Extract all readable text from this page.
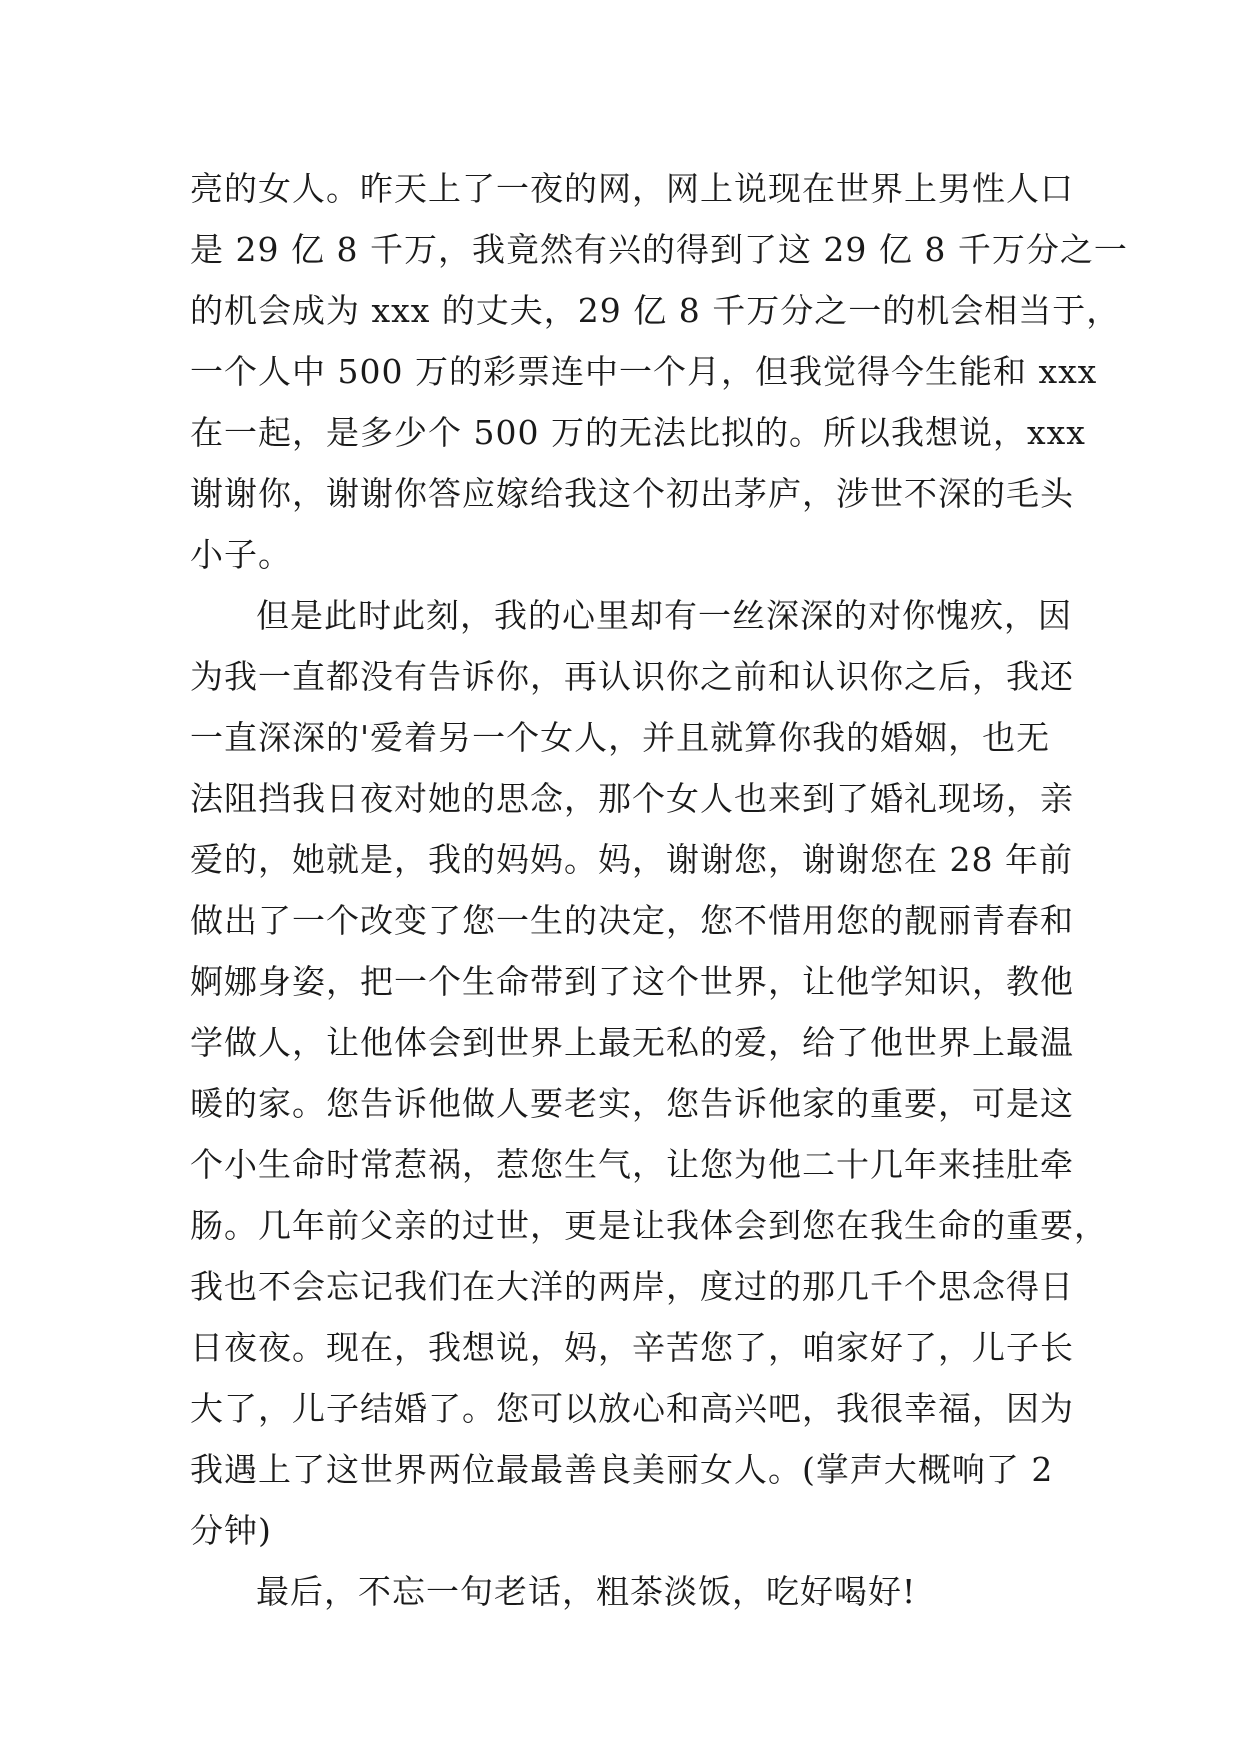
亮的女人。昨天上了一夜的网，网上说现在世界上男性人口
是 29 亿 8 千万，我竟然有兴的得到了这 29 亿 8 千万分之一
的机会成为 xxx 的丈夫，29 亿 8 千万分之一的机会相当于，
一个人中 500 万的彩票连中一个月，但我觉得今生能和 xxx
在一起，是多少个 500 万的无法比拟的。所以我想说，xxx
谢谢你，谢谢你答应嫁给我这个初出茅庐，涉世不深的毛头
小子。
但是此时此刻，我的心里却有一丝深深的对你愧疚，因
为我一直都没有告诉你，再认识你之前和认识你之后，我还
一直深深的'爱着另一个女人，并且就算你我的婚姻，也无
法阻挡我日夜对她的思念，那个女人也来到了婚礼现场，亲
爱的，她就是，我的妈妈。妈，谢谢您，谢谢您在 28 年前
做出了一个改变了您一生的决定，您不惜用您的靓丽青春和
婀娜身姿，把一个生命带到了这个世界，让他学知识，教他
学做人，让他体会到世界上最无私的爱，给了他世界上最温
暖的家。您告诉他做人要老实，您告诉他家的重要，可是这
个小生命时常惹祸，惹您生气，让您为他二十几年来挂肚牵
肠。几年前父亲的过世，更是让我体会到您在我生命的重要，
我也不会忘记我们在大洋的两岸，度过的那几千个思念得日
日夜夜。现在，我想说，妈，辛苦您了，咱家好了，儿子长
大了，儿子结婚了。您可以放心和高兴吧，我很幸福，因为
我遇上了这世界两位最最善良美丽女人。(掌声大概响了 2
分钟)
最后，不忘一句老话，粗茶淡饭，吃好喝好!
